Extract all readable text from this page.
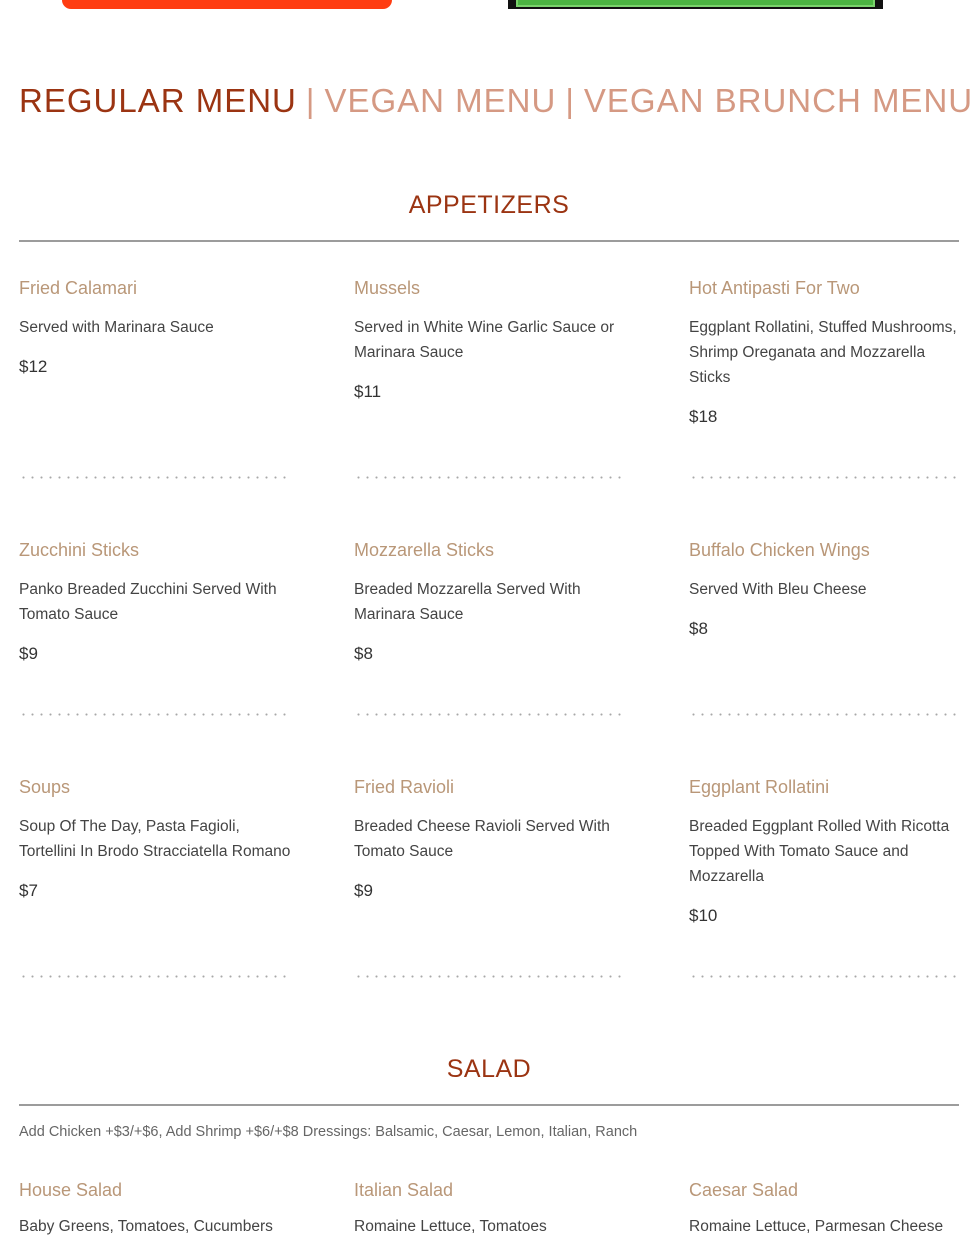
REGULAR MENU | VEGAN MENU | VEGAN BRUNCH MENU
APPETIZERS
Fried Calamari
Served with Marinara Sauce
$12
Mussels
Served in White Wine Garlic Sauce or Marinara Sauce
$11
Hot Antipasti For Two
Eggplant Rollatini, Stuffed Mushrooms, Shrimp Oreganata and Mozzarella Sticks
$18
Zucchini Sticks
Panko Breaded Zucchini Served With Tomato Sauce
$9
Mozzarella Sticks
Breaded Mozzarella Served With Marinara Sauce
$8
Buffalo Chicken Wings
Served With Bleu Cheese
$8
Soups
Soup Of The Day, Pasta Fagioli, Tortellini In Brodo Stracciatella Romano
$7
Fried Ravioli
Breaded Cheese Ravioli Served With Tomato Sauce
$9
Eggplant Rollatini
Breaded Eggplant Rolled With Ricotta Topped With Tomato Sauce and Mozzarella
$10
SALAD
Add Chicken +$3/+$6, Add Shrimp +$6/+$8 Dressings: Balsamic, Caesar, Lemon, Italian, Ranch
House Salad	Italian Salad	Caesar Salad
Baby Greens, Tomatoes, Cucumbers	Romaine Lettuce, Tomatoes	Romaine Lettuce, Parmesan Cheese
